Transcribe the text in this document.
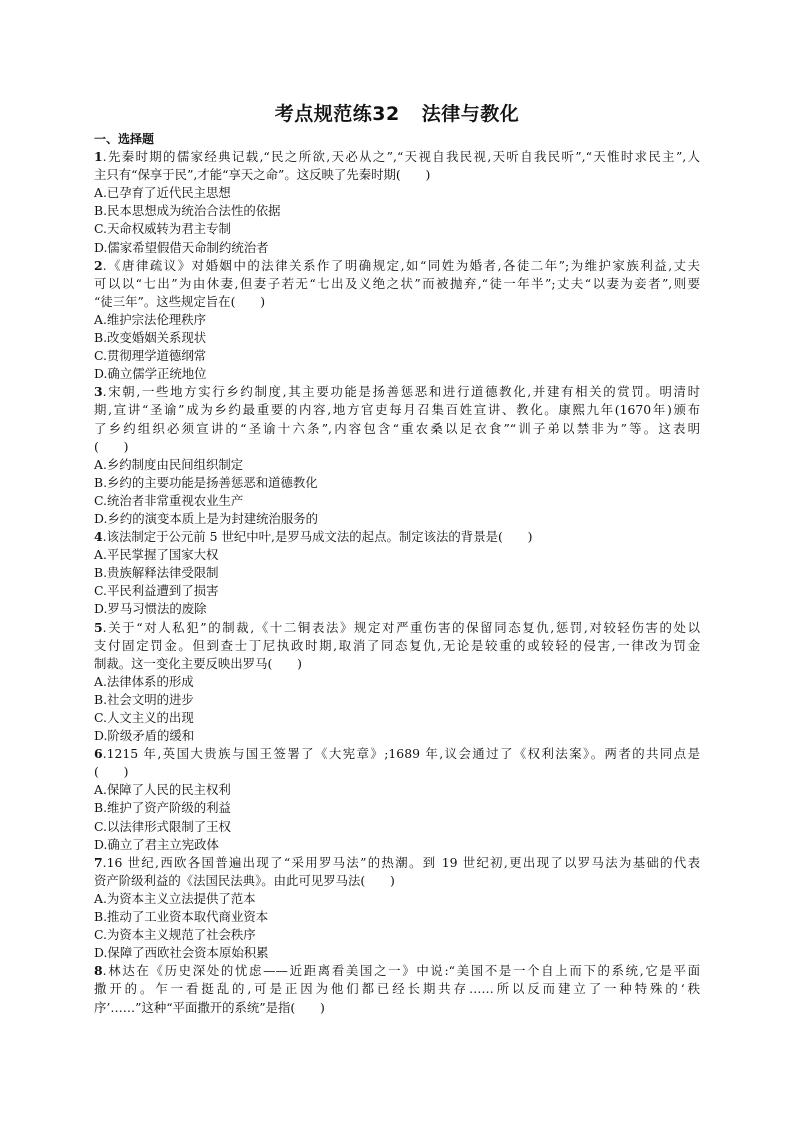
考点规范练32 法律与教化
一、选择题
1.先秦时期的儒家经典记载,“民之所欲,天必从之”,“天视自我民视,天听自我民听”,“天惟时求民主”,人
主只有“保享于民”,才能“享天之命”。这反映了先秦时期(　　)
A.已孕育了近代民主思想
B.民本思想成为统治合法性的依据
C.天命权威转为君主专制
D.儒家希望假借天命制约统治者
2.《唐律疏议》对婚姻中的法律关系作了明确规定,如“同姓为婚者,各徒二年”;为维护家族利益,丈夫
可以以“七出”为由休妻,但妻子若无“七出及义绝之状”而被抛弃,“徒一年半”;丈夫“以妻为妾者”,则要
“徒三年”。这些规定旨在(　　)
A.维护宗法伦理秩序
B.改变婚姻关系现状
C.贯彻理学道德纲常
D.确立儒学正统地位
3.宋朝,一些地方实行乡约制度,其主要功能是扬善惩恶和进行道德教化,并建有相关的赏罚。明清时
期,宣讲“圣谕”成为乡约最重要的内容,地方官吏每月召集百姓宣讲、教化。康熙九年(1670年)颁布
了乡约组织必须宣讲的“圣谕十六条”,内容包含“重农桑以足衣食”“训子弟以禁非为”等。这表明
(　　)
A.乡约制度由民间组织制定
B.乡约的主要功能是扬善惩恶和道德教化
C.统治者非常重视农业生产
D.乡约的演变本质上是为封建统治服务的
4.该法制定于公元前 5 世纪中叶,是罗马成文法的起点。制定该法的背景是(　　)
A.平民掌握了国家大权
B.贵族解释法律受限制
C.平民利益遭到了损害
D.罗马习惯法的废除
5.关于“对人私犯”的制裁,《十二铜表法》规定对严重伤害的保留同态复仇,惩罚,对较轻伤害的处以
支付固定罚金。但到查士丁尼执政时期,取消了同态复仇,无论是较重的或较轻的侵害,一律改为罚金
制裁。这一变化主要反映出罗马(　　)
A.法律体系的形成
B.社会文明的进步
C.人文主义的出现
D.阶级矛盾的缓和
6.1215 年,英国大贵族与国王签署了《大宪章》;1689 年,议会通过了《权利法案》。两者的共同点是
(　　)
A.保障了人民的民主权利
B.维护了资产阶级的利益
C.以法律形式限制了王权
D.确立了君主立宪政体
7.16 世纪,西欧各国普遍出现了“采用罗马法”的热潮。到 19 世纪初,更出现了以罗马法为基础的代表
资产阶级利益的《法国民法典》。由此可见罗马法(　　)
A.为资本主义立法提供了范本
B.推动了工业资本取代商业资本
C.为资本主义规范了社会秩序
D.保障了西欧社会资本原始积累
8.林达在《历史深处的忧虑——近距离看美国之一》中说:“美国不是一个自上而下的系统,它是平面
撒开的。乍一看挺乱的,可是正因为他们都已经长期共存……所以反而建立了一种特殊的‘秩
序’……”这种“平面撒开的系统”是指(　　)
